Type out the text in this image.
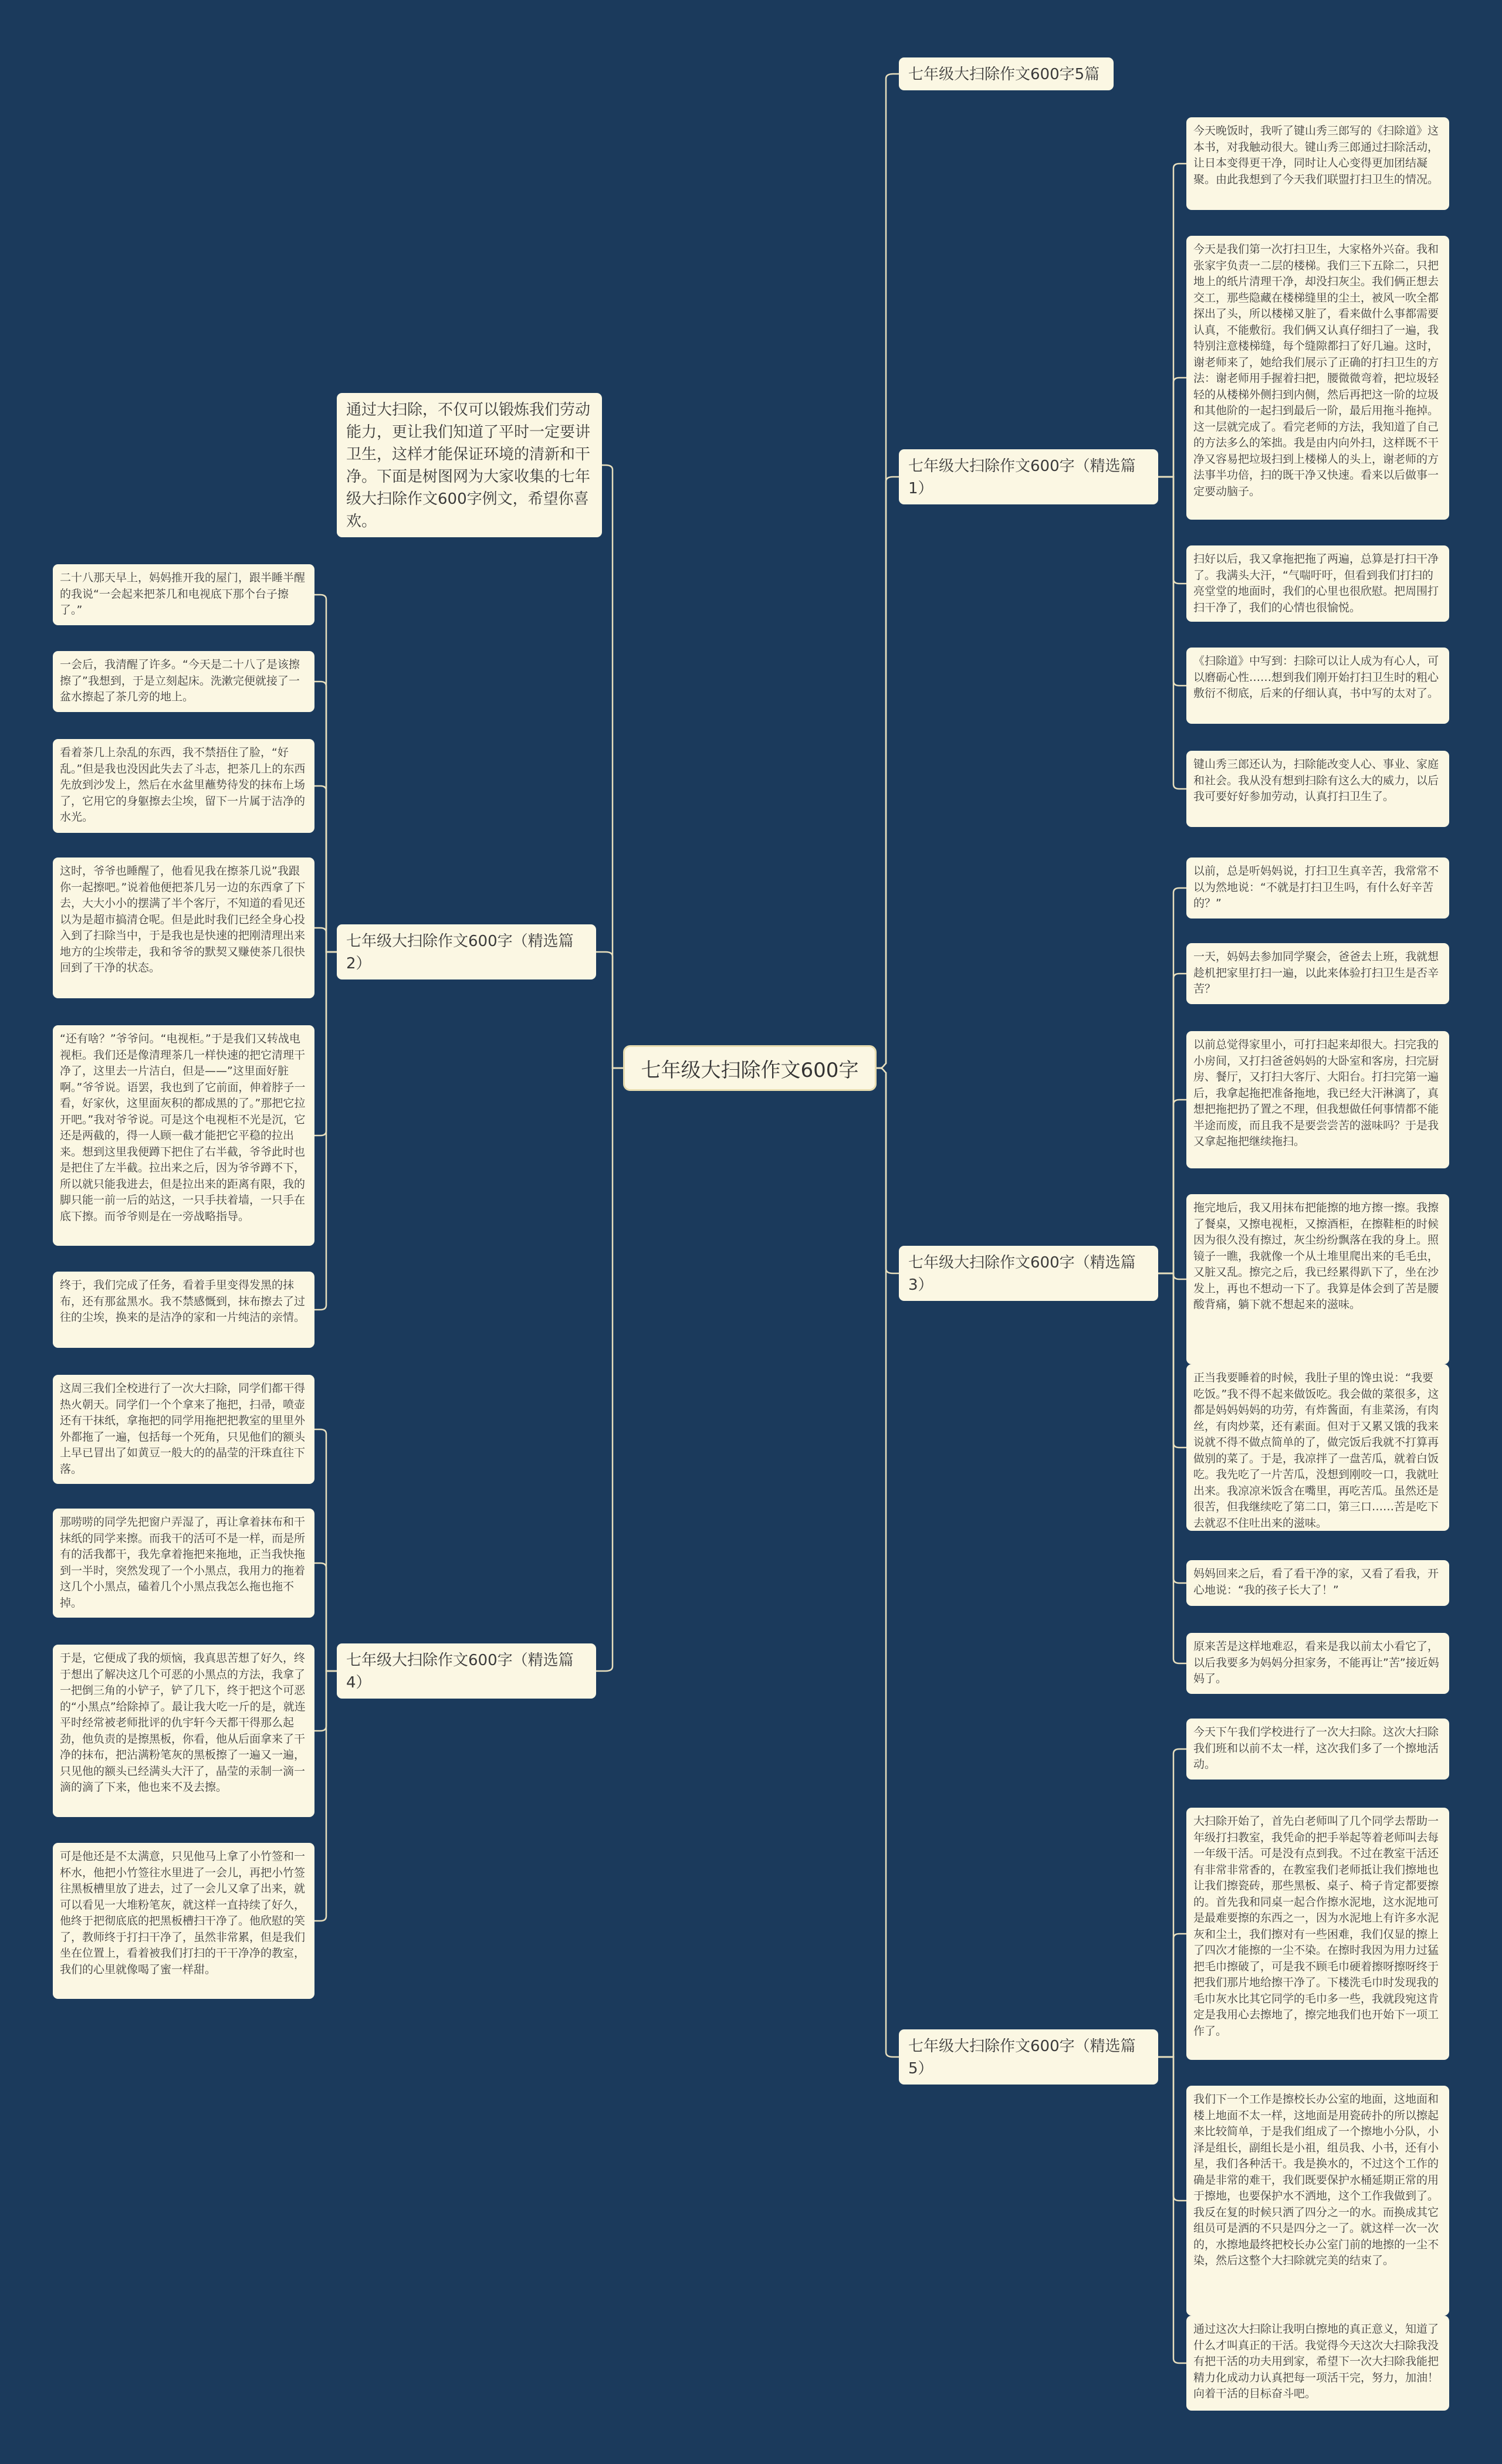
七年级大扫除作文600字
通过大扫除，不仅可以锻炼我们劳动能力，更让我们知道了平时一定要讲卫生，这样才能保证环境的清新和干净。下面是树图网为大家收集的七年级大扫除作文600字例文，希望你喜欢。
七年级大扫除作文600字5篇
七年级大扫除作文600字（精选篇1）
今天晚饭时，我听了键山秀三郎写的《扫除道》这本书，对我触动很大。键山秀三郎通过扫除活动，让日本变得更干净，同时让人心变得更加团结凝聚。由此我想到了今天我们联盟打扫卫生的情况。
今天是我们第一次打扫卫生，大家格外兴奋。我和张家宇负责一二层的楼梯。我们三下五除二，只把地上的纸片清理干净，却没扫灰尘。我们俩正想去交工，那些隐藏在楼梯缝里的尘土，被风一吹全都探出了头，所以楼梯又脏了，看来做什么事都需要认真，不能敷衍。我们俩又认真仔细扫了一遍，我特别注意楼梯缝，每个缝隙都扫了好几遍。这时，谢老师来了，她给我们展示了正确的打扫卫生的方法：谢老师用手握着扫把，腰微微弯着，把垃圾轻轻的从楼梯外侧扫到内侧，然后再把这一阶的垃圾和其他阶的一起扫到最后一阶，最后用拖斗拖掉。这一层就完成了。看完老师的方法，我知道了自己的方法多么的笨拙。我是由内向外扫，这样既不干净又容易把垃圾扫到上楼梯人的头上，谢老师的方法事半功倍，扫的既干净又快速。看来以后做事一定要动脑子。
扫好以后，我又拿拖把拖了两遍，总算是打扫干净了。我满头大汗，“气喘吁吁，但看到我们打扫的亮堂堂的地面时，我们的心里也很欣慰。把周围打扫干净了，我们的心情也很愉悦。
《扫除道》中写到：扫除可以让人成为有心人，可以磨砺心性……想到我们刚开始打扫卫生时的粗心敷衍不彻底，后来的仔细认真，书中写的太对了。
键山秀三郎还认为，扫除能改变人心、事业、家庭和社会。我从没有想到扫除有这么大的威力，以后我可要好好参加劳动，认真打扫卫生了。
七年级大扫除作文600字（精选篇2）
二十八那天早上，妈妈推开我的屋门，跟半睡半醒的我说“一会起来把茶几和电视底下那个台子擦了。”
一会后，我清醒了许多。“今天是二十八了是该擦擦了”我想到，于是立刻起床。洗漱完便就接了一盆水擦起了茶几旁的地上。
看着茶几上杂乱的东西，我不禁捂住了脸，“好乱。”但是我也没因此失去了斗志，把茶几上的东西先放到沙发上，然后在水盆里蘸势待发的抹布上场了，它用它的身躯擦去尘埃，留下一片属于洁净的水光。
这时，爷爷也睡醒了，他看见我在擦茶几说”我跟你一起擦吧。”说着他便把茶几另一边的东西拿了下去，大大小小的摆满了半个客厅，不知道的看见还以为是超市搞清仓呢。但是此时我们已经全身心投入到了扫除当中，于是我也是快速的把刚清理出来地方的尘埃带走，我和爷爷的默契又赚使茶几很快回到了干净的状态。
“还有啥？”爷爷问。“电视柜。”于是我们又转战电视柜。我们还是像清理茶几一样快速的把它清理干净了，这里去一片洁白，但是——”这里面好脏啊。”爷爷说。语罢，我也到了它前面，伸着脖子一看，好家伙，这里面灰积的都成黑的了。”那把它拉开吧。”我对爷爷说。可是这个电视柜不光是沉，它还是两截的，得一人顾一截才能把它平稳的拉出来。想到这里我便蹲下把住了右半截，爷爷此时也是把住了左半截。拉出来之后，因为爷爷蹲不下，所以就只能我进去，但是拉出来的距离有限，我的脚只能一前一后的站这，一只手扶着墙，一只手在底下擦。而爷爷则是在一旁战略指导。
终于，我们完成了任务，看着手里变得发黑的抹布，还有那盆黑水。我不禁感慨到，抹布擦去了过往的尘埃，换来的是洁净的家和一片纯洁的亲情。
七年级大扫除作文600字（精选篇3）
以前，总是听妈妈说，打扫卫生真辛苦，我常常不以为然地说：“不就是打扫卫生吗，有什么好辛苦的？”
一天，妈妈去参加同学聚会，爸爸去上班，我就想趁机把家里打扫一遍，以此来体验打扫卫生是否辛苦？
以前总觉得家里小，可打扫起来却很大。扫完我的小房间，又打扫爸爸妈妈的大卧室和客房，扫完厨房、餐厅，又打扫大客厅、大阳台。打扫完第一遍后，我拿起拖把准备拖地，我已经大汗淋漓了，真想把拖把扔了置之不理，但我想做任何事情都不能半途而废，而且我不是要尝尝苦的滋味吗？于是我又拿起拖把继续拖扫。
拖完地后，我又用抹布把能擦的地方擦一擦。我擦了餐桌，又擦电视柜，又擦酒柜，在擦鞋柜的时候因为很久没有擦过，灰尘纷纷飘落在我的身上。照镜子一瞧，我就像一个从土堆里爬出来的毛毛虫，又脏又乱。擦完之后，我已经累得趴下了，坐在沙发上，再也不想动一下了。我算是体会到了苦是腰酸背痛，躺下就不想起来的滋味。
正当我要睡着的时候，我肚子里的馋虫说：“我要吃饭。”我不得不起来做饭吃。我会做的菜很多，这都是妈妈妈妈的功劳，有炸酱面，有韭菜汤，有肉丝，有肉炒菜，还有素面。但对于又累又饿的我来说就不得不做点简单的了，做完饭后我就不打算再做别的菜了。于是，我凉拌了一盘苦瓜，就着白饭吃。我先吃了一片苦瓜，没想到刚咬一口，我就吐出来。我凉凉米饭含在嘴里，再吃苦瓜。虽然还是很苦，但我继续吃了第二口，第三口……苦是吃下去就忍不住吐出来的滋味。
妈妈回来之后，看了看干净的家，又看了看我，开心地说：“我的孩子长大了！”
原来苦是这样地难忍，看来是我以前太小看它了，以后我要多为妈妈分担家务，不能再让”苦”接近妈妈了。
七年级大扫除作文600字（精选篇4）
这周三我们全校进行了一次大扫除，同学们都干得热火朝天。同学们一个个拿来了拖把，扫帚，喷壶还有干抹纸，拿拖把的同学用拖把把教室的里里外外都拖了一遍，包括每一个死角，只见他们的额头上早已冒出了如黄豆一般大的的晶莹的汗珠直往下落。
那唠唠的同学先把窗户弄湿了，再让拿着抹布和干抹纸的同学来擦。而我干的活可不是一样，而是所有的活我都干，我先拿着拖把来拖地，正当我快拖到一半时，突然发现了一个小黑点，我用力的拖着这几个小黑点，磕着几个小黑点我怎么拖也拖不掉。
于是，它便成了我的烦恼，我真思苦想了好久，终于想出了解决这几个可恶的小黑点的方法，我拿了一把倒三角的小铲子，铲了几下，终于把这个可恶的“小黑点”给除掉了。最让我大吃一斤的是，就连平时经常被老师批评的仇宇轩今天都干得那么起劲，他负责的是擦黑板，你看，他从后面拿来了干净的抹布，把沾满粉笔灰的黑板擦了一遍又一遍，只见他的额头已经满头大汗了，晶莹的汞制一滴一滴的滴了下来，他也来不及去擦。
可是他还是不太满意，只见他马上拿了小竹签和一杯水，他把小竹签往水里进了一会儿，再把小竹签往黑板槽里放了进去，过了一会儿又拿了出来，就可以看见一大堆粉笔灰，就这样一直持续了好久，他终于把彻底底的把黑板槽扫干净了。他欣慰的笑了，教师终于打扫干净了，虽然非常累，但是我们坐在位置上，看着被我们打扫的干干净净的教室，我们的心里就像喝了蜜一样甜。
七年级大扫除作文600字（精选篇5）
今天下午我们学校进行了一次大扫除。这次大扫除我们班和以前不太一样，这次我们多了一个擦地活动。
大扫除开始了，首先白老师叫了几个同学去帮助一年级打扫教室，我凭命的把手举起等着老师叫去每一年级干活。可是没有点到我。不过在教室干活还有非常非常香的，在教室我们老师抵让我们擦地也让我们擦瓷砖，那些黑板、桌子、椅子肯定都要擦的。首先我和同桌一起合作擦水泥地，这水泥地可是最难要擦的东西之一，因为水泥地上有许多水泥灰和尘土，我们擦对有一些困难，我们仅显的擦上了四次才能擦的一尘不染。在擦时我因为用力过猛把毛巾擦破了，可是我不顾毛巾硬着擦呀擦呀终于把我们那片地给擦干净了。下楼洗毛巾时发现我的毛巾灰水比其它同学的毛巾多一些，我就段宛这肯定是我用心去擦地了，擦完地我们也开始下一项工作了。
我们下一个工作是擦校长办公室的地面，这地面和楼上地面不太一样，这地面是用瓷砖扑的所以擦起来比较简单，于是我们组成了一个擦地小分队，小泽是组长，副组长是小祖，组员我、小书，还有小星，我们各种活干。我是换水的，不过这个工作的确是非常的难干，我们既要保护水桶延期正常的用于擦地，也要保护水不洒地，这个工作我做到了。我反在复的时候只洒了四分之一的水。而换成其它组员可是洒的不只是四分之一了。就这样一次一次的，水擦地最终把校长办公室门前的地擦的一尘不染，然后这整个大扫除就完美的结束了。
通过这次大扫除让我明白擦地的真正意义，知道了什么才叫真正的干活。我觉得今天这次大扫除我没有把干活的功夫用到家，希望下一次大扫除我能把精力化成动力认真把每一项活干完，努力，加油！向着干活的目标奋斗吧。
